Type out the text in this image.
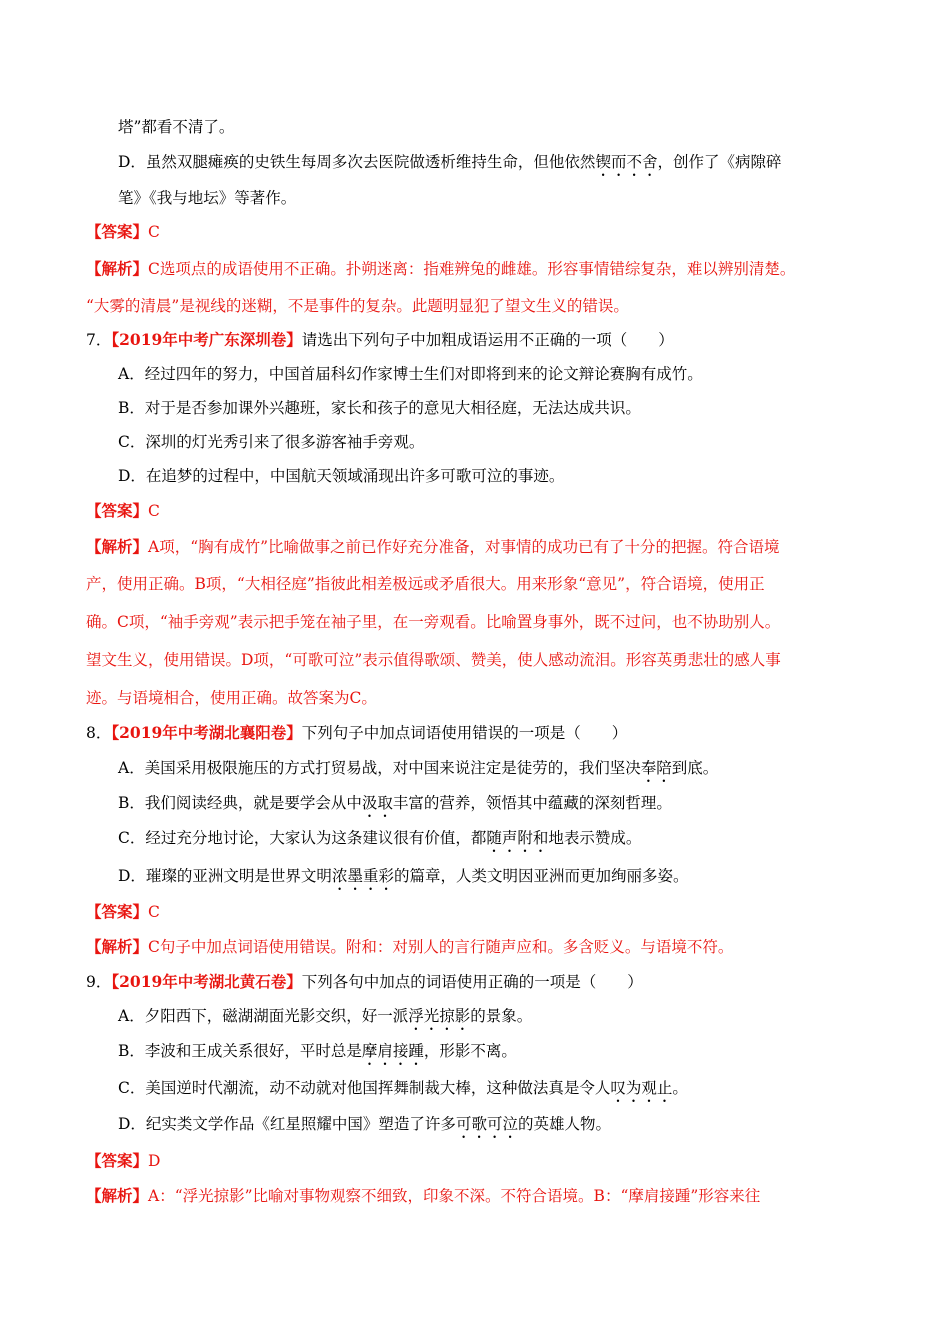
塔”都看不清了。
D．虽然双腿瘫痪的史铁生每周多次去医院做透析维持生命，但他依然锲而不舍，创作了《病隙碎
笔》《我与地坛》等著作。
【答案】C
【解析】C选项点的成语使用不正确。扑朔迷离：指难辨兔的雌雄。形容事情错综复杂，难以辨别清楚。
“大雾的清晨”是视线的迷糊，不是事件的复杂。此题明显犯了望文生义的错误。
7．【2019年中考广东深圳卷】请选出下列句子中加粗成语运用不正确的一项（　　）
A．经过四年的努力，中国首届科幻作家博士生们对即将到来的论文辩论赛胸有成竹。
B．对于是否参加课外兴趣班，家长和孩子的意见大相径庭，无法达成共识。
C．深圳的灯光秀引来了很多游客袖手旁观。
D．在追梦的过程中，中国航天领域涌现出许多可歌可泣的事迹。
【答案】C
【解析】A项，“胸有成竹”比喻做事之前已作好充分准备，对事情的成功已有了十分的把握。符合语境
产，使用正确。B项，“大相径庭”指彼此相差极远或矛盾很大。用来形象“意见”，符合语境，使用正
确。C项，“袖手旁观”表示把手笼在袖子里，在一旁观看。比喻置身事外，既不过问，也不协助别人。
望文生义，使用错误。D项，“可歌可泣”表示值得歌颂、赞美，使人感动流泪。形容英勇悲壮的感人事
迹。与语境相合，使用正确。故答案为C。
8．【2019年中考湖北襄阳卷】下列句子中加点词语使用错误的一项是（　　）
A．美国采用极限施压的方式打贸易战，对中国来说注定是徒劳的，我们坚决奉陪到底。
B．我们阅读经典，就是要学会从中汲取丰富的营养，领悟其中蕴藏的深刻哲理。
C．经过充分地讨论，大家认为这条建议很有价值，都随声附和地表示赞成。
D．璀璨的亚洲文明是世界文明浓墨重彩的篇章，人类文明因亚洲而更加绚丽多姿。
【答案】C
【解析】C句子中加点词语使用错误。附和：对别人的言行随声应和。多含贬义。与语境不符。
9．【2019年中考湖北黄石卷】下列各句中加点的词语使用正确的一项是（　　）
A．夕阳西下，磁湖湖面光影交织，好一派浮光掠影的景象。
B．李波和王成关系很好，平时总是摩肩接踵，形影不离。
C．美国逆时代潮流，动不动就对他国挥舞制裁大棒，这种做法真是令人叹为观止。
D．纪实类文学作品《红星照耀中国》塑造了许多可歌可泣的英雄人物。
【答案】D
【解析】A：“浮光掠影”比喻对事物观察不细致，印象不深。不符合语境。B：“摩肩接踵”形容来往
